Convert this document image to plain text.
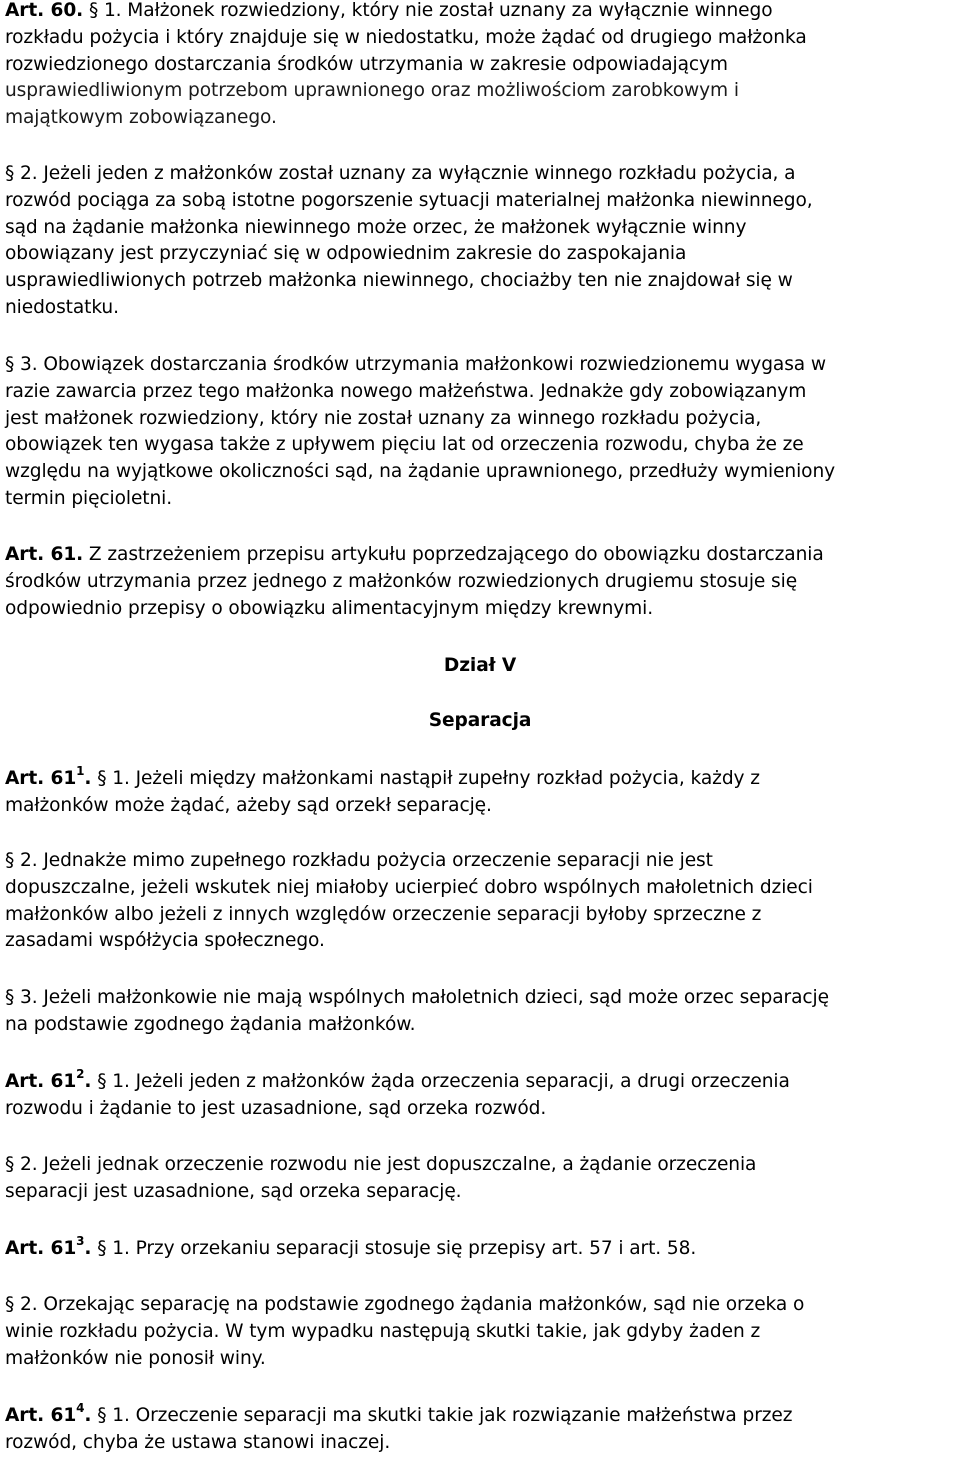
Art. 60. § 1. Małżonek rozwiedziony, który nie został uznany za wyłącznie winnego
rozkładu pożycia i który znajduje się w niedostatku, może żądać od drugiego małżonka
rozwiedzionego dostarczania środków utrzymania w zakresie odpowiadającym
usprawiedliwionym potrzebom uprawnionego oraz możliwościom zarobkowym i
majątkowym zobowiązanego.
§ 2. Jeżeli jeden z małżonków został uznany za wyłącznie winnego rozkładu pożycia, a
rozwód pociąga za sobą istotne pogorszenie sytuacji materialnej małżonka niewinnego,
sąd na żądanie małżonka niewinnego może orzec, że małżonek wyłącznie winny
obowiązany jest przyczyniać się w odpowiednim zakresie do zaspokajania
usprawiedliwionych potrzeb małżonka niewinnego, chociażby ten nie znajdował się w
niedostatku.
§ 3. Obowiązek dostarczania środków utrzymania małżonkowi rozwiedzionemu wygasa w
razie zawarcia przez tego małżonka nowego małżeństwa. Jednakże gdy zobowiązanym
jest małżonek rozwiedziony, który nie został uznany za winnego rozkładu pożycia,
obowiązek ten wygasa także z upływem pięciu lat od orzeczenia rozwodu, chyba że ze
względu na wyjątkowe okoliczności sąd, na żądanie uprawnionego, przedłuży wymieniony
termin pięcioletni.
Art. 61. Z zastrzeżeniem przepisu artykułu poprzedzającego do obowiązku dostarczania
środków utrzymania przez jednego z małżonków rozwiedzionych drugiemu stosuje się
odpowiednio przepisy o obowiązku alimentacyjnym między krewnymi.

Dział V

Separacja

Art. $61^1$. § 1. Jeżeli między małżonkami nastąpił zupełny rozkład pożycia, każdy z
małżonków może żądać, ażeby sąd orzekł separację.
§ 2. Jednakże mimo zupełnego rozkładu pożycia orzeczenie separacji nie jest
dopuszczalne, jeżeli wskutek niej miałoby ucierpieć dobro wspólnych małoletnich dzieci
małżonków albo jeżeli z innych względów orzeczenie separacji byłoby sprzeczne z
zasadami współżycia społecznego.
§ 3. Jeżeli małżonkowie nie mają wspólnych małoletnich dzieci, sąd może orzec separację
na podstawie zgodnego żądania małżonków.
Art. $61^2$. § 1. Jeżeli jeden z małżonków żąda orzeczenia separacji, a drugi orzeczenia
rozwodu i żądanie to jest uzasadnione, sąd orzeka rozwód.
§ 2. Jeżeli jednak orzeczenie rozwodu nie jest dopuszczalne, a żądanie orzeczenia
separacji jest uzasadnione, sąd orzeka separację.
Art. $61^3$. § 1. Przy orzekaniu separacji stosuje się przepisy art. 57 i art. 58.
§ 2. Orzekając separację na podstawie zgodnego żądania małżonków, sąd nie orzeka o
winie rozkładu pożycia. W tym wypadku następują skutki takie, jak gdyby żaden z
małżonków nie ponosił winy.
Art. $61^4$. § 1. Orzeczenie separacji ma skutki takie jak rozwiązanie małżeństwa przez
rozwód, chyba że ustawa stanowi inaczej.
